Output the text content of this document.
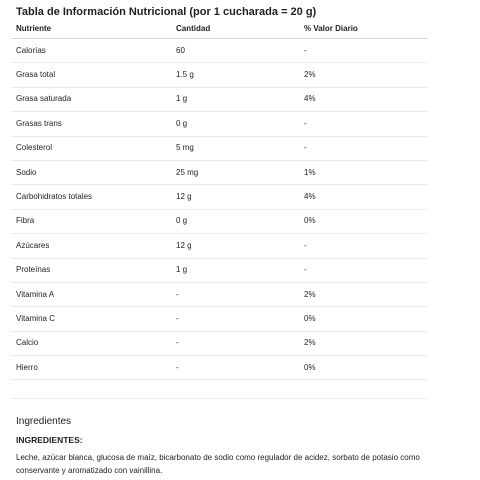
Tabla de Información Nutricional (por 1 cucharada = 20 g)
Nutriente	Cantidad	% Valor Diario
Calorías	60	-
Grasa total	1.5 g	2%
Grasa saturada	1 g	4%
Grasas trans	0 g	-
Colesterol	5 mg	-
Sodio	25 mg	1%
Carbohidratos totales	12 g	4%
Fibra	0 g	0%
Azúcares	12 g	-
Proteínas	1 g	-
Vitamina A	-	2%
Vitamina C	-	0%
Calcio	-	2%
Hierro	-	0%
Ingredientes
INGREDIENTES:
Leche, azúcar blanca, glucosa de maíz, bicarbonato de sodio como regulador de acidez, sorbato de potasio como conservante y aromatizado con vainillina.
